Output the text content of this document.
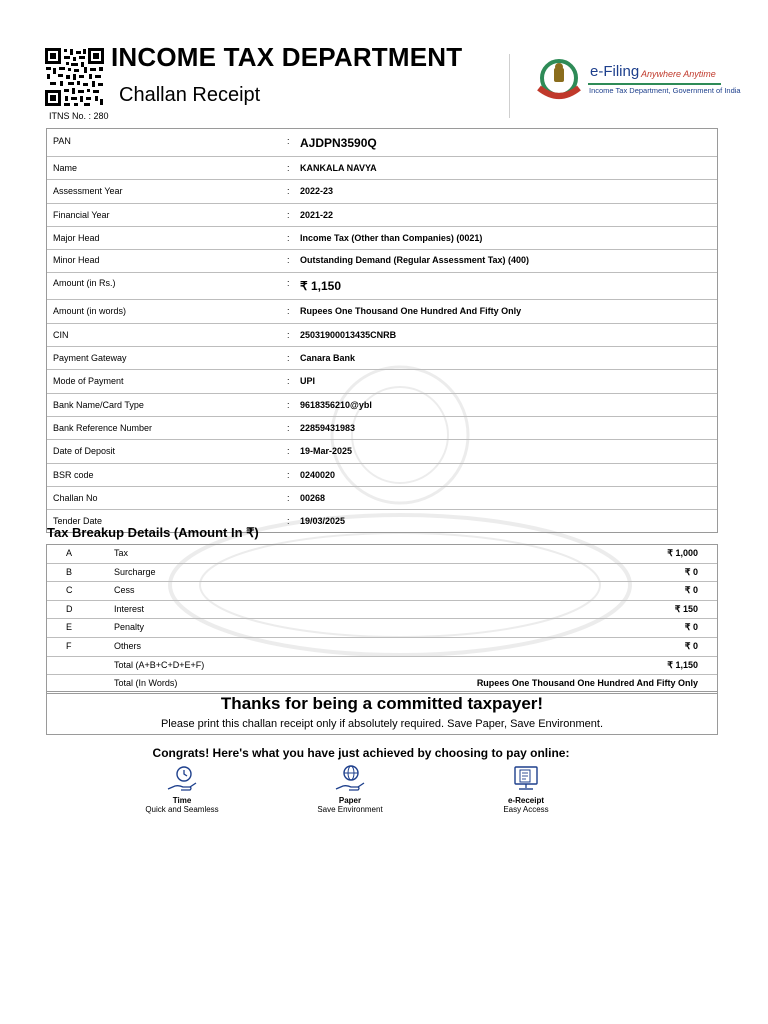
INCOME TAX DEPARTMENT
Challan Receipt
ITNS No. : 280
e-Filing Anywhere Anytime
Income Tax Department, Government of India
PAN	: AJDPN3590Q
Name	: KANKALA NAVYA
Assessment Year	: 2022-23
Financial Year	: 2021-22
Major Head	: Income Tax (Other than Companies) (0021)
Minor Head	: Outstanding Demand (Regular Assessment Tax) (400)
Amount (in Rs.)	: ₹ 1,150
Amount (in words)	: Rupees One Thousand One Hundred And Fifty Only
CIN	: 25031900013435CNRB
Payment Gateway	: Canara Bank
Mode of Payment	: UPI
Bank Name/Card Type	: 9618356210@ybl
Bank Reference Number	: 22859431983
Date of Deposit	: 19-Mar-2025
BSR code	: 0240020
Challan No	: 00268
Tender Date	: 19/03/2025
Tax Breakup Details (Amount In ₹)
A	Tax	₹ 1,000
B	Surcharge	₹ 0
C	Cess	₹ 0
D	Interest	₹ 150
E	Penalty	₹ 0
F	Others	₹ 0
Total (A+B+C+D+E+F)	₹ 1,150
Total (In Words)	Rupees One Thousand One Hundred And Fifty Only
Thanks for being a committed taxpayer!
Please print this challan receipt only if absolutely required. Save Paper, Save Environment.
Congrats! Here's what you have just achieved by choosing to pay online:
Time
Quick and Seamless
Paper
Save Environment
e-Receipt
Easy Access
